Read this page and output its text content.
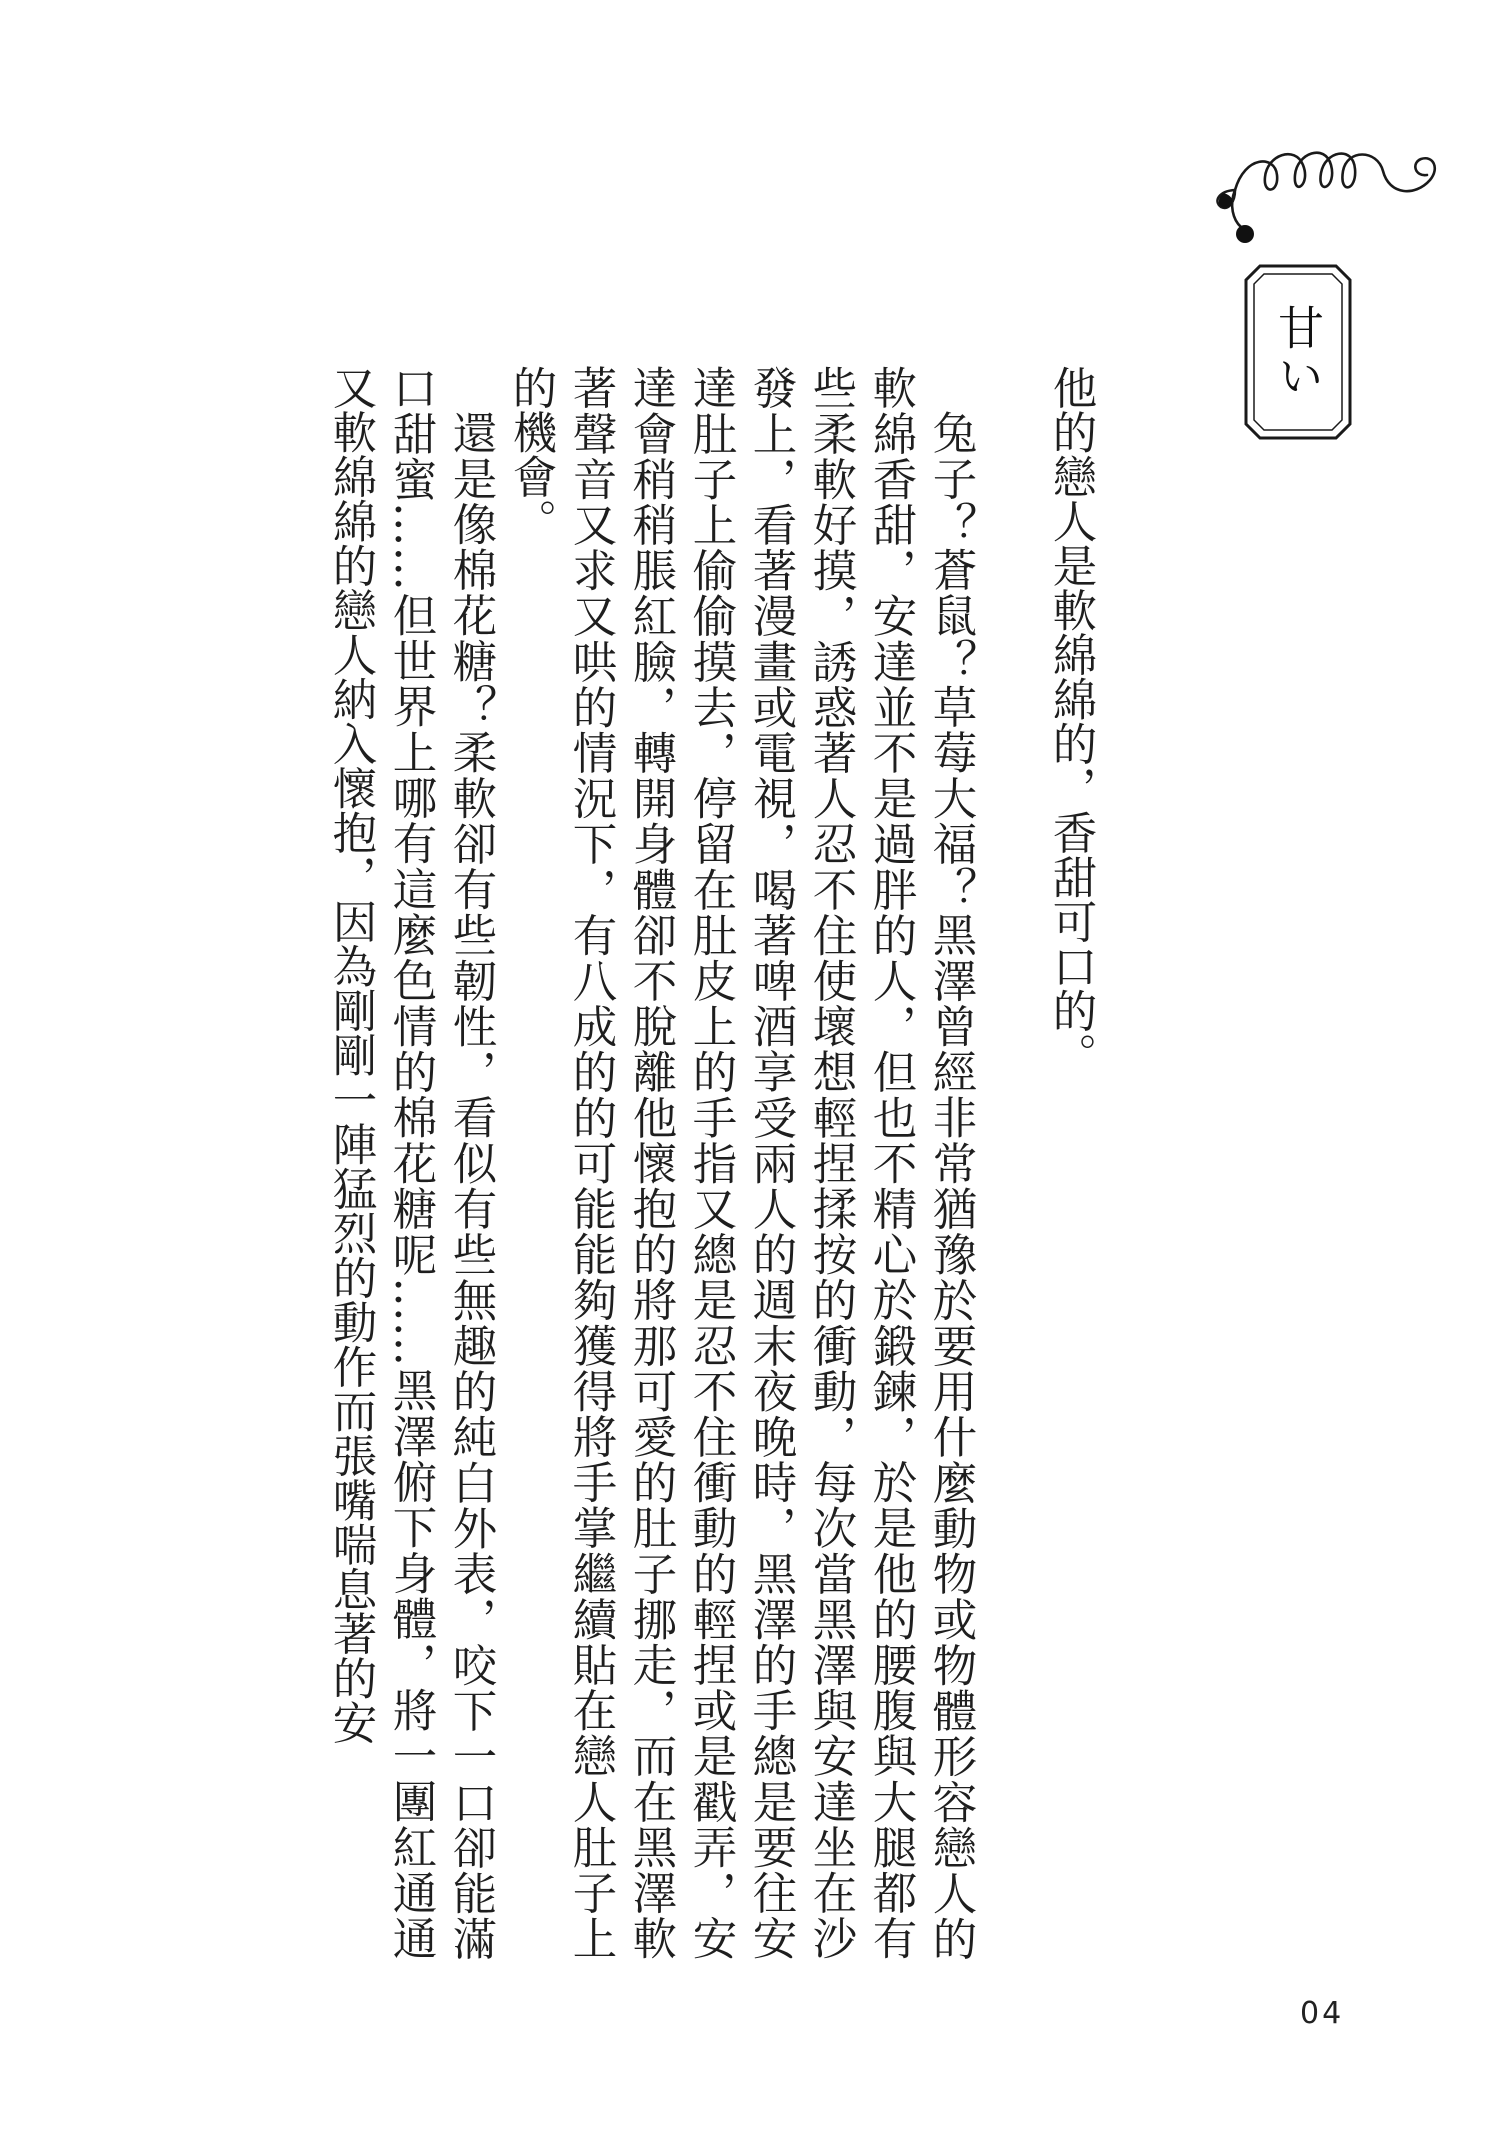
甘い

他的戀人是軟綿綿的，香甜可口的。

兔子？蒼鼠？草莓大福？黑澤曾經非常猶豫於要用什麼動物或物體形容戀人的軟綿香甜，安達並不是過胖的人，但也不精心於鍛鍊，於是他的腰腹與大腿都有些柔軟好摸，誘惑著人忍不住使壞想輕捏揉按的衝動，每次當黑澤與安達坐在沙發上，看著漫畫或電視，喝著啤酒享受兩人的週末夜晚時，黑澤的手總是要往安達肚子上偷偷摸去，停留在肚皮上的手指又總是忍不住衝動的輕捏或是戳弄，安達會稍稍脹紅臉，轉開身體卻不脫離他懷抱的將那可愛的肚子挪走，而在黑澤軟著聲音又求又哄的情況下，有八成的的可能能夠獲得將手掌繼續貼在戀人肚子上的機會。

還是像棉花糖？柔軟卻有些韌性，看似有些無趣的純白外表，咬下一口卻能滿口甜蜜……但世界上哪有這麼色情的棉花糖呢……黑澤俯下身體，將一團紅通通又軟綿綿的戀人納入懷抱，因為剛剛一陣猛烈的動作而張嘴喘息著的安

04
